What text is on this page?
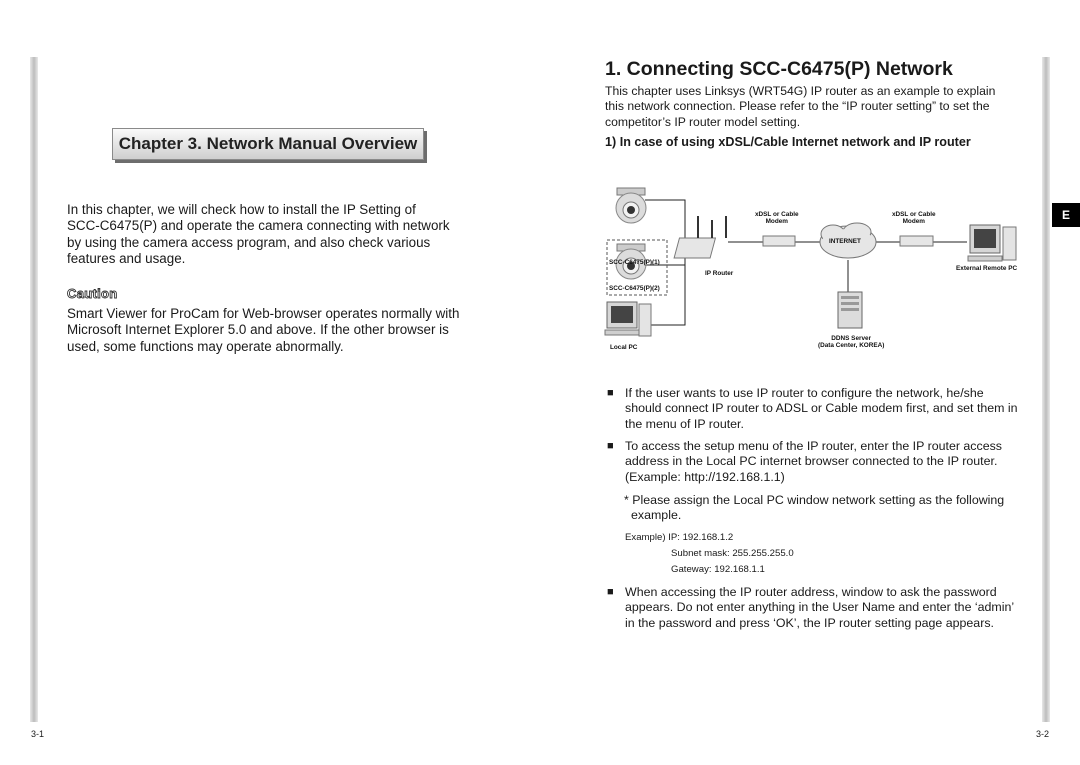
Chapter 3. Network Manual Overview
In this chapter, we will check how to install the IP Setting of
SCC-C6475(P) and operate the camera connecting with network
by using the camera access program, and also check various
features and usage.
Caution
Smart Viewer for ProCam for Web-browser operates normally with
Microsoft Internet Explorer 5.0 and above. If the other browser is
used, some functions may operate abnormally.
3-1
1. Connecting SCC-C6475(P) Network
This chapter uses Linksys (WRT54G) IP router as an example to explain
this network connection. Please refer to the “IP router setting” to set the
competitor’s IP router model setting.
1) In case of using xDSL/Cable Internet network and IP router
SCC-C6475(P)(1)
SCC-C6475(P)(2)
Local PC
IP Router
xDSL or Cable
Modem
xDSL or Cable
Modem
INTERNET
External Remote PC
DDNS Server
(Data Center, KOREA)
■ If the user wants to use IP router to configure the network, he/she
should connect IP router to ADSL or Cable modem first, and set them in
the menu of IP router.
■ To access the setup menu of the IP router, enter the IP router access
address in the Local PC internet browser connected to the IP router.
(Example: http://192.168.1.1)
* Please assign the Local PC window network setting as the following
example.
Example) IP: 192.168.1.2
Subnet mask: 255.255.255.0
Gateway: 192.168.1.1
■ When accessing the IP router address, window to ask the password
appears. Do not enter anything in the User Name and enter the ‘admin’
in the password and press ‘OK’, the IP router setting page appears.
E
3-2
